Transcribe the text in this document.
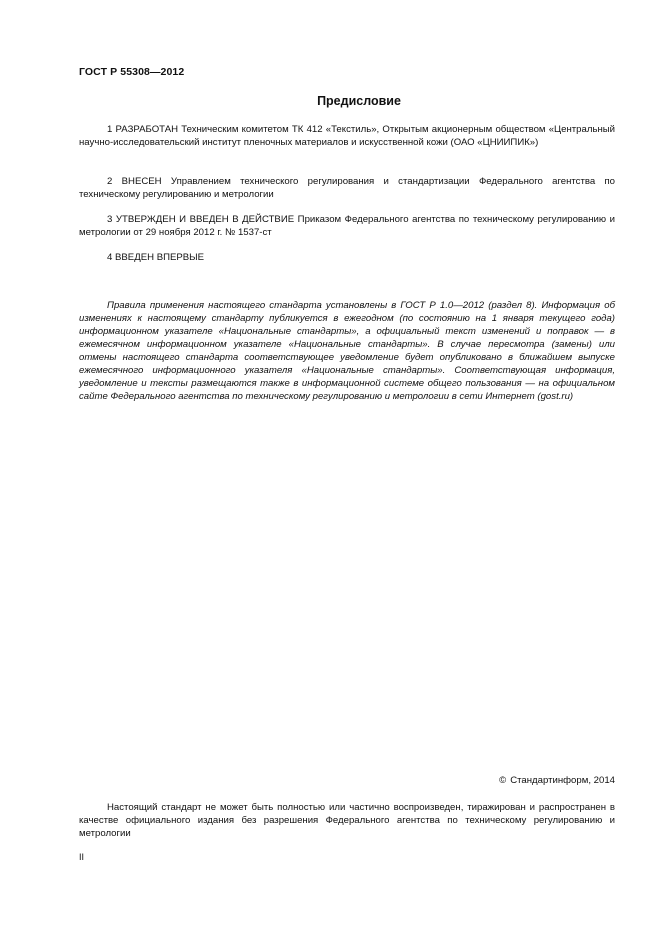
ГОСТ Р 55308—2012
Предисловие

1 РАЗРАБОТАН Техническим комитетом ТК 412 «Текстиль», Открытым акционерным обществом «Центральный научно-исследовательский институт пленочных материалов и искусственной кожи (ОАО «ЦНИИПИК»)

2 ВНЕСЕН Управлением технического регулирования и стандартизации Федерального агентства по техническому регулированию и метрологии

3 УТВЕРЖДЕН И ВВЕДЕН В ДЕЙСТВИЕ Приказом Федерального агентства по техническому регулированию и метрологии от 29 ноября 2012 г. № 1537-ст

4 ВВЕДЕН ВПЕРВЫЕ

Правила применения настоящего стандарта установлены в ГОСТ Р 1.0—2012 (раздел 8). Информация об изменениях к настоящему стандарту публикуется в ежегодном (по состоянию на 1 января текущего года) информационном указателе «Национальные стандарты», а официальный текст изменений и поправок — в ежемесячном информационном указателе «Национальные стандарты». В случае пересмотра (замены) или отмены настоящего стандарта соответствующее уведомление будет опубликовано в ближайшем выпуске ежемесячного информационного указателя «Национальные стандарты». Соответствующая информация, уведомление и тексты размещаются также в информационной системе общего пользования — на официальном сайте Федерального агентства по техническому регулированию и метрологии в сети Интернет (gost.ru)

© Стандартинформ, 2014

Настоящий стандарт не может быть полностью или частично воспроизведен, тиражирован и распространен в качестве официального издания без разрешения Федерального агентства по техническому регулированию и метрологии

II
